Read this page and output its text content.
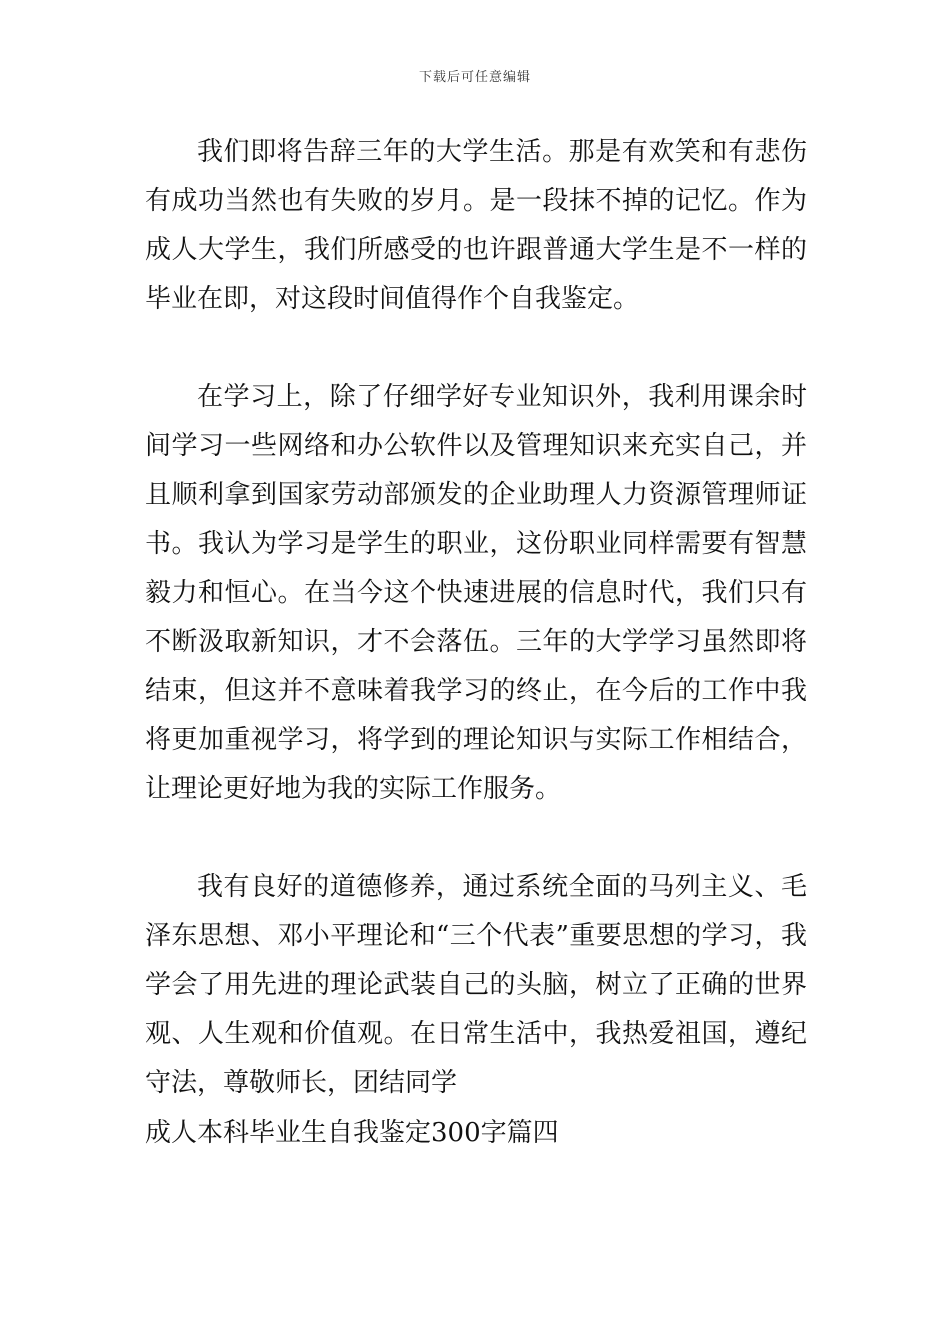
下载后可任意编辑

我们即将告辞三年的大学生活。那是有欢笑和有悲伤有成功当然也有失败的岁月。是一段抹不掉的记忆。作为成人大学生，我们所感受的也许跟普通大学生是不一样的毕业在即，对这段时间值得作个自我鉴定。

在学习上，除了仔细学好专业知识外，我利用课余时间学习一些网络和办公软件以及管理知识来充实自己，并且顺利拿到国家劳动部颁发的企业助理人力资源管理师证书。我认为学习是学生的职业，这份职业同样需要有智慧毅力和恒心。在当今这个快速进展的信息时代，我们只有不断汲取新知识，才不会落伍。三年的大学学习虽然即将结束，但这并不意味着我学习的终止，在今后的工作中我将更加重视学习，将学到的理论知识与实际工作相结合，让理论更好地为我的实际工作服务。

我有良好的道德修养，通过系统全面的马列主义、毛泽东思想、邓小平理论和“三个代表”重要思想的学习，我学会了用先进的理论武装自己的头脑，树立了正确的世界观、人生观和价值观。在日常生活中，我热爱祖国，遵纪守法，尊敬师长，团结同学

成人本科毕业生自我鉴定300字篇四
